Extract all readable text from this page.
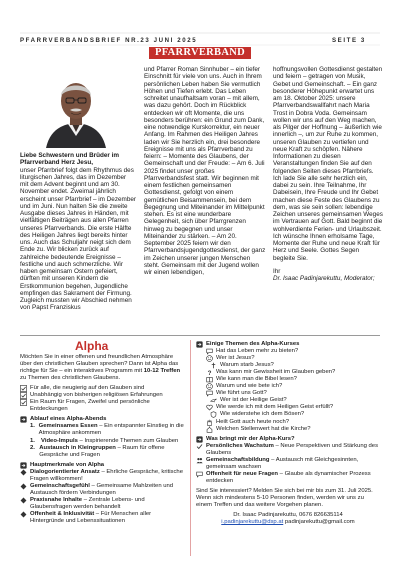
PFARRVERBANDSBRIEF NR.23 JUNI 2025	SEITE 3
PFARRVERBAND

Liebe Schwestern und Brüder im Pfarrverband Herz Jesu,

unser Pfarrbrief folgt dem Rhythmus des liturgischen Jahres, das im Dezember mit dem Advent beginnt und am 30. November endet. Zweimal jährlich erscheint unser Pfarrbrief – im Dezember und im Juni. Nun halten Sie die zweite Ausgabe dieses Jahres in Händen, mit vielfältigen Beiträgen aus allen Pfarren unseres Pfarrverbands. Die erste Hälfte des Heiligen Jahres liegt bereits hinter uns. Auch das Schuljahr neigt sich dem Ende zu. Wir blicken zurück auf zahlreiche bedeutende Ereignisse – festliche und auch schmerzliche. Wir haben gemeinsam Ostern gefeiert, dürften mit unseren Kindern die Erstkommunion begehen, Jugendliche empfingen das Sakrament der Firmung. Zugleich mussten wir Abschied nehmen von Papst Franziskus

und Pfarrer Roman Sinnhuber – ein tiefer Einschnitt für viele von uns. Auch in Ihrem persönlichen Leben haben Sie vermutlich Höhen und Tiefen erlebt. Das Leben schreitet unaufhaltsam voran – mit allem, was dazu gehört. Doch im Rückblick entdecken wir oft Momente, die uns besonders berühren: ein Grund zum Dank, eine notwendige Kurskorrektur, ein neuer Anfang. Im Rahmen des Heiligen Jahres laden wir Sie herzlich ein, drei besondere Ereignisse mit uns als Pfarrverband zu feiern: – Momente des Glaubens, der Gemeinschaft und der Freude: – Am 6. Juli 2025 findet unser großes Pfarrverbandsfest statt. Wir beginnen mit einem festlichen gemeinsamen Gottesdienst, gefolgt von einem gemütlichen Beisammensein, bei dem Begegnung und Miteinander im Mittelpunkt stehen. Es ist eine wunderbare Gelegenheit, sich über Pfarrgrenzen hinweg zu begegnen und unser Miteinander zu stärken. – Am 20. September 2025 feiern wir den Pfarrverbandsjugendgottesdienst, der ganz im Zeichen unserer jungen Menschen steht. Gemeinsam mit der Jugend wollen wir einen lebendigen,

hoffnungsvollen Gottesdienst gestalten und feiern – getragen von Musik, Gebet und Gemeinschaft. – Ein ganz besonderer Höhepunkt erwartet uns am 18. Oktober 2025: unsere Pfarrverbandswallfahrt nach Maria Trost in Dobra Voda. Gemeinsam wollen wir uns auf den Weg machen, als Pilger der Hoffnung – äußerlich wie innerlich –, um zur Ruhe zu kommen, unseren Glauben zu vertiefen und neue Kraft zu schöpfen. Nähere Informationen zu diesen Veranstaltungen finden Sie auf den folgenden Seiten dieses Pfarrbriefs. Ich lade Sie alle sehr herzlich ein, dabei zu sein. Ihre Teilnahme, Ihr Dabeisein, Ihre Freude und Ihr Gebet machen diese Feste des Glaubens zu dem, was sie sein sollen: lebendige Zeichen unseres gemeinsamen Weges im Vertrauen auf Gott. Bald beginnt die wohlverdiente Ferien- und Urlaubszeit. Ich wünsche Ihnen erholsame Tage, Momente der Ruhe und neue Kraft für Herz und Seele. Gottes Segen begleite Sie.

Ihr
Dr. Isaac Padinjarekuttu, Moderator;
Alpha

Möchten Sie in einer offenen und freundlichen Atmosphäre über den christlichen Glauben sprechen? Dann ist Alpha das richtige für Sie – ein interaktives Programm mit 10-12 Treffen zu Themen des christlichen Glaubens.

Für alle, die neugierig auf den Glauben sind
Unabhängig von bisherigen religiösen Erfahrungen
Ein Raum für Fragen, Zweifel und persönliche Entdeckungen
Ablauf eines Alpha-Abends
1. Gemeinsames Essen – Ein entspannter Einstieg in die Atmosphäre ankommen
1.	Video-Impuls – Inspirierende Themen zum Glauben
2. Austausch in Kleingruppen – Raum für offene Gespräche und Fragen
Hauptmerkmale von Alpha
Dialogorientierter Ansatz – Ehrliche Gespräche, kritische Fragen willkommen!
Gemeinschaftsgefühl – Gemeinsame Mahlzeiten und Austausch fördern Verbindungen
Praxisnahe Inhalte – Zentrale Lebens- und Glaubensfragen werden behandelt
Offenheit & Inklusivität – Für Menschen aller Hintergründe und Lebenssituationen
Einige Themen des Alpha-Kurses
Hat das Leben mehr zu bieten?
Wer ist Jesus?
Warum starb Jesus?
? Was kann mir Gewissheit im Glauben geben?
Wie kann man die Bibel lesen?
Warum und wie bete ich?
Wie führt uns Gott?
Wer ist der Heilige Geist?
Wie werde ich mit dem Heiligen Geist erfüllt?
Wie widerstehe ich dem Bösen?
Heilt Gott auch heute noch?
Welchen Stellenwert hat die Kirche?
Was bringt mir der Alpha-Kurs?
Persönliches Wachstum – Neue Perspektiven und Stärkung des Glaubens
Gemeinschaftsbildung – Austausch mit Gleichgesinnten, gemeinsam wachsen
Offenheit für neue Fragen – Glaube als dynamischer Prozess entdecken

Sind Sie interessiert? Melden Sie sich bei mir bis zum 31. Juli 2025. Wenn sich mindestens 5-10 Personen finden, werden wir uns zu einem Treffen und das weitere Vorgehen planen.

Dr. Isaac Padinjarekuttu, 0676 826635114

i.padinjarekuttu@dsp.at padinjarekuttu@gmail.com
